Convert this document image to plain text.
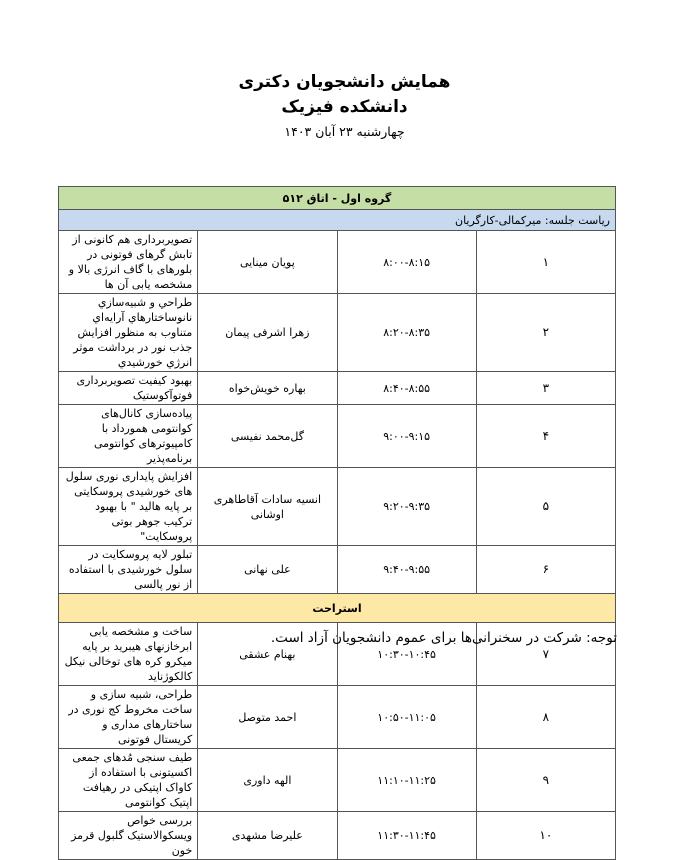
همایش دانشجویان دکتری
دانشکده فیزیک
چهارشنبه ۲۳ آبان ۱۴۰۳
گروه اول - اتاق ۵۱۲			
ریاست جلسه: میرکمالی-کارگریان			
۱	۸:۰۰-۸:۱۵	پویان مینایی	تصویربرداری هم کانونی از تابش گرهای فوتونی در بلورهای با گاف انرژی بالا و مشخصه یابی آن ها
۲	۸:۲۰-۸:۳۵	زهرا اشرفی پیمان	طراحي و شبیه‌سازي نانوساختارهاي آرايه‌اي متناوب به منظور افزايش جذب نور در برداشت موثر انرژي خورشيدي
۳	۸:۴۰-۸:۵۵	بهاره خویش‌خواه	بهبود کیفیت تصویربرداری فوتوآکوستیک
۴	۹:۰۰-۹:۱۵	گل‌محمد نفیسی	پیاده‌سازی کانال‌های کوانتومی همورداد با کامپیوترهای کوانتومی برنامه‌پذیر
۵	۹:۲۰-۹:۳۵	انسیه سادات آقاطاهری اوشانی	افزایش پایداری نوری سلول های خورشیدی پروسکایتی بر پایه هالید " با بهبود ترکیب جوهر بوتی پروسکایت"
۶	۹:۴۰-۹:۵۵	علی نهانی	تبلور لایه پروسکایت در سلول خورشیدی با استفاده از نور پالسی
استراحت			
۷	۱۰:۳۰-۱۰:۴۵	بهنام عشقی	ساخت و مشخصه یابی ابرخازنهای هیبرید بر پایه میکرو کره های توخالی نیکل کالکوژناید
۸	۱۰:۵۰-۱۱:۰۵	احمد متوصل	طراحی، شبیه سازی و ساخت مخروط کج نوری در ساختارهای مداری و کریستال فوتونی
۹	۱۱:۱۰-۱۱:۲۵	الهه داوری	طیف سنجی مُدهای جمعی اکسیتونی با استفاده از کاواک اپتیکی در رهیافت اپتیک کوانتومی
۱۰	۱۱:۳۰-۱۱:۴۵	علیرضا مشهدی	بررسی خواص ویسکوالاستیک گلبول قرمز خون
توجه: شرکت در سخنرانی‌ها برای عموم دانشجویان آزاد است.
